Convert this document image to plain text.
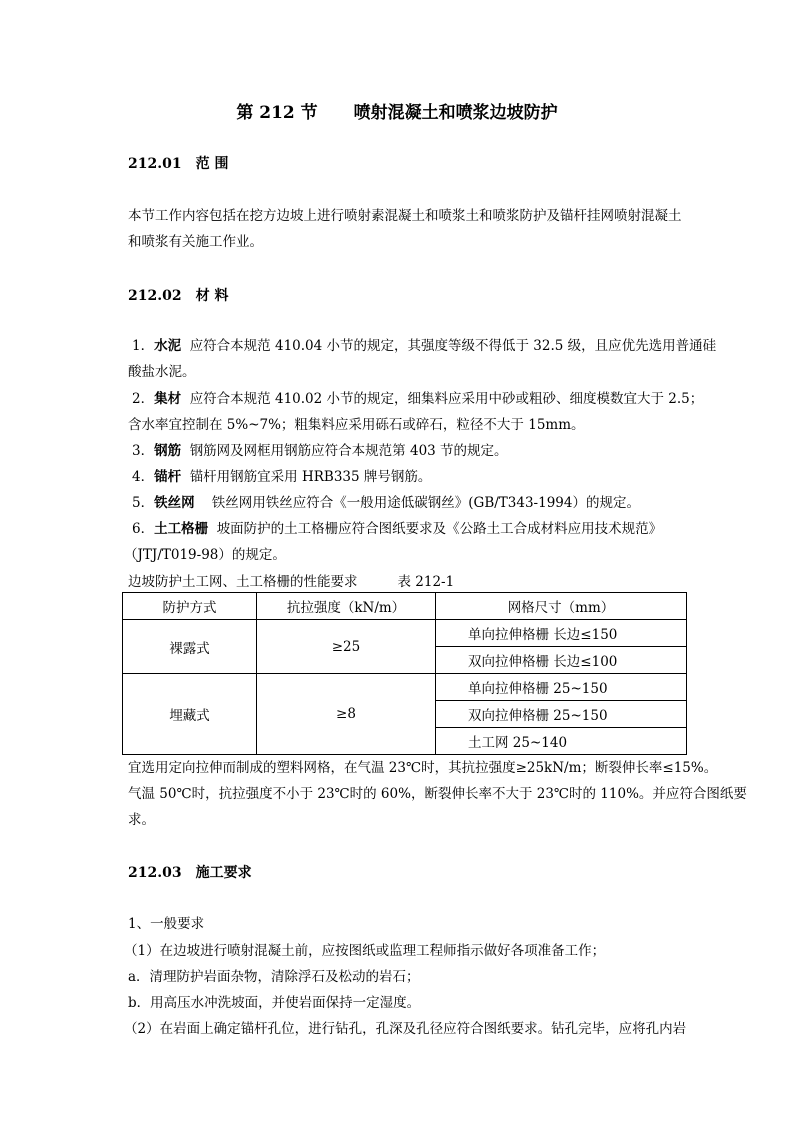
第 212 节 喷射混凝土和喷浆边坡防护
212.01 范 围
本节工作内容包括在挖方边坡上进行喷射素混凝土和喷浆土和喷浆防护及锚杆挂网喷射混凝土
和喷浆有关施工作业。
212.02 材 料
1．水泥 应符合本规范 410.04 小节的规定，其强度等级不得低于 32.5 级，且应优先选用普通硅
酸盐水泥。
2．集材 应符合本规范 410.02 小节的规定，细集料应采用中砂或粗砂、细度模数宜大于 2.5；
含水率宜控制在 5%~7%；粗集料应采用砾石或碎石，粒径不大于 15mm。
3．钢筋 钢筋网及网框用钢筋应符合本规范第 403 节的规定。
4．锚杆 锚杆用钢筋宜采用 HRB335 牌号钢筋。
5．铁丝网 铁丝网用铁丝应符合《一般用途低碳钢丝》(GB/T343-1994）的规定。
6．土工格栅 坡面防护的土工格栅应符合图纸要求及《公路土工合成材料应用技术规范》
（JTJ/T019-98）的规定。
边坡防护土工网、土工格栅的性能要求	表 212-1
防护方式	抗拉强度（kN/m）	网格尺寸（mm）
裸露式	≥25	单向拉伸格栅 长边≤150
		双向拉伸格栅 长边≤100
埋藏式	≥8	单向拉伸格栅 25~150
		双向拉伸格栅 25~150
		土工网 25~140
宜选用定向拉伸而制成的塑料网格，在气温 23℃时，其抗拉强度≥25kN/m；断裂伸长率≤15%。
气温 50℃时，抗拉强度不小于 23℃时的 60%，断裂伸长率不大于 23℃时的 110%。并应符合图纸要
求。
212.03 施工要求
1、一般要求
（1）在边坡进行喷射混凝土前，应按图纸或监理工程师指示做好各项准备工作；
a．清理防护岩面杂物，清除浮石及松动的岩石；
b．用高压水冲洗坡面，并使岩面保持一定湿度。
（2）在岩面上确定锚杆孔位，进行钻孔，孔深及孔径应符合图纸要求。钻孔完毕，应将孔内岩
